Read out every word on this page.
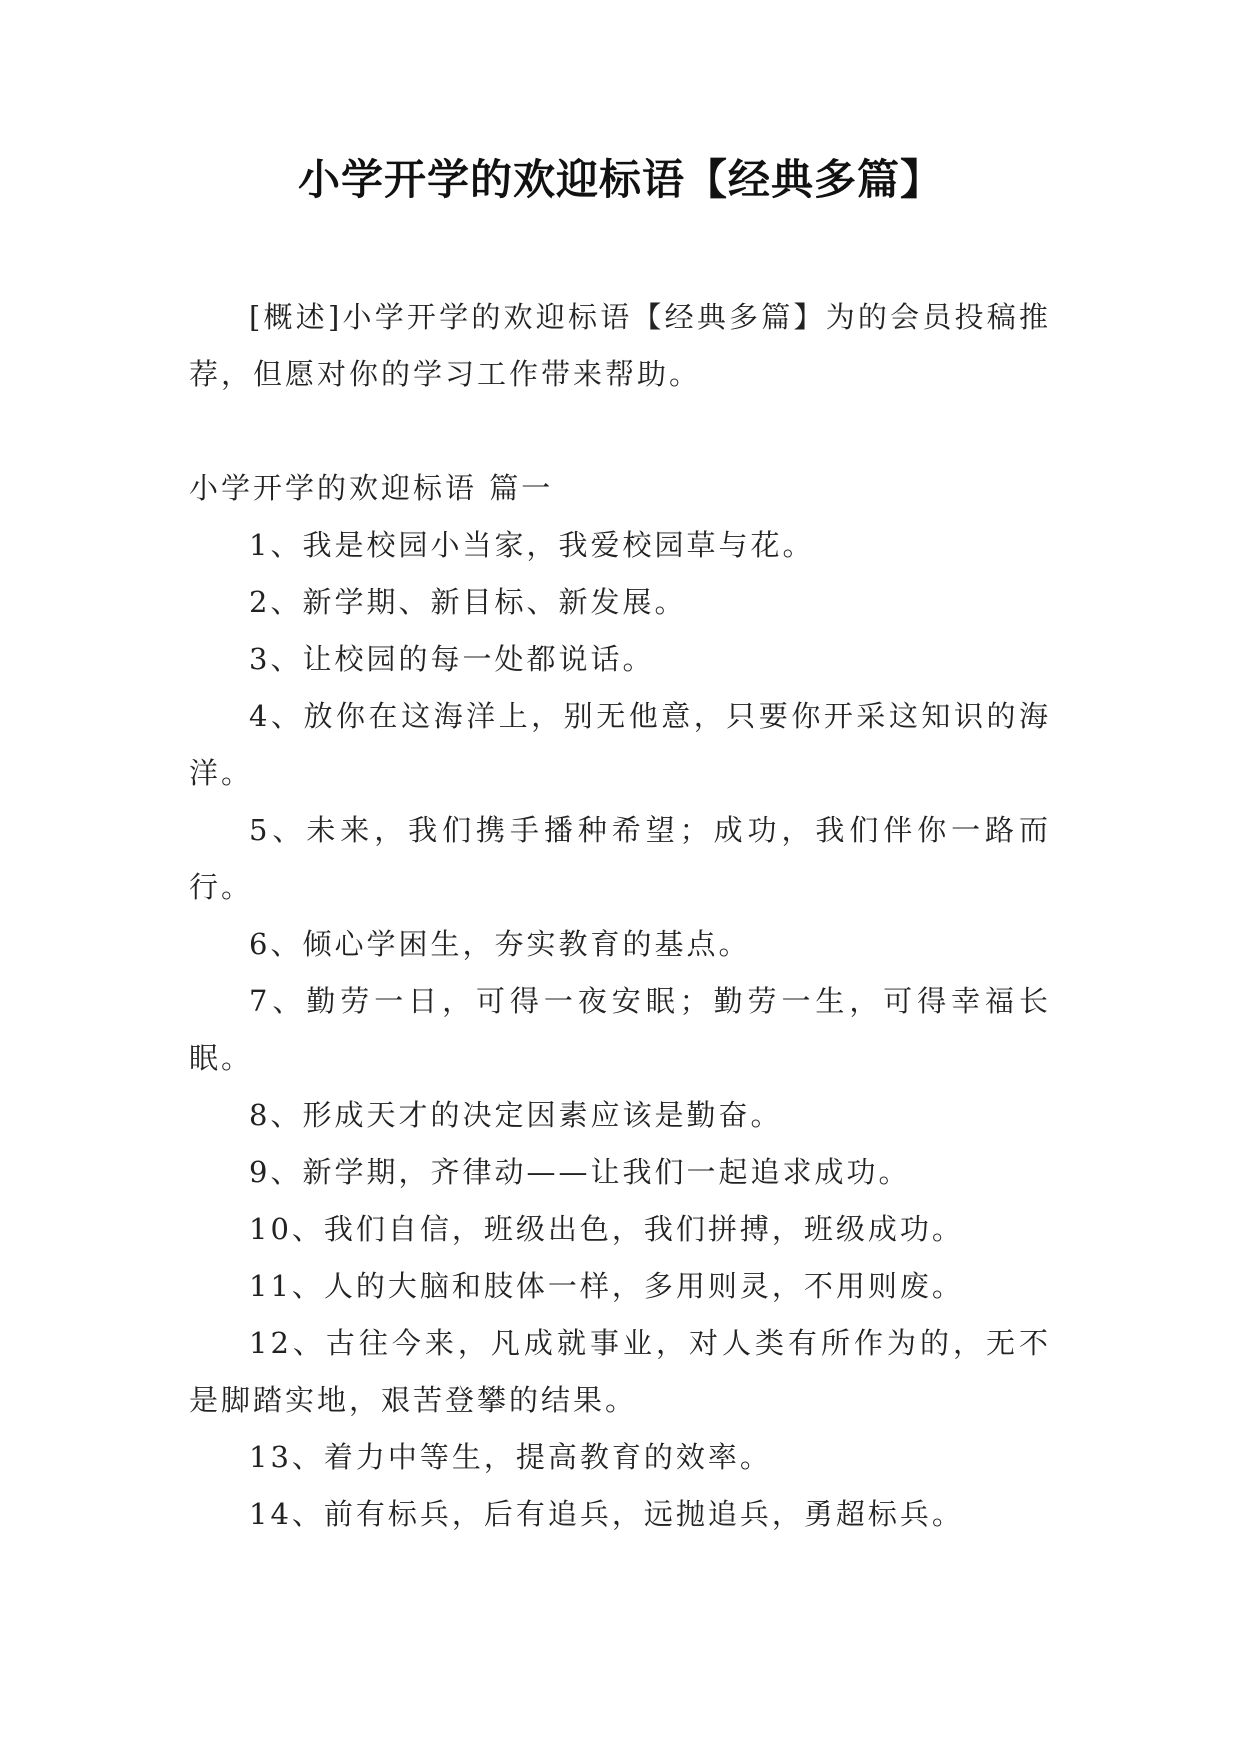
小学开学的欢迎标语【经典多篇】

[概述]小学开学的欢迎标语【经典多篇】为的会员投稿推荐，但愿对你的学习工作带来帮助。

小学开学的欢迎标语 篇一

1、我是校园小当家，我爱校园草与花。

2、新学期、新目标、新发展。

3、让校园的每一处都说话。

4、放你在这海洋上，别无他意，只要你开采这知识的海洋。

5、未来，我们携手播种希望；成功，我们伴你一路而行。

6、倾心学困生，夯实教育的基点。

7、勤劳一日，可得一夜安眠；勤劳一生，可得幸福长眠。

8、形成天才的决定因素应该是勤奋。

9、新学期，齐律动——让我们一起追求成功。

10、我们自信，班级出色，我们拼搏，班级成功。

11、人的大脑和肢体一样，多用则灵，不用则废。

12、古往今来，凡成就事业，对人类有所作为的，无不是脚踏实地，艰苦登攀的结果。

13、着力中等生，提高教育的效率。

14、前有标兵，后有追兵，远抛追兵，勇超标兵。
